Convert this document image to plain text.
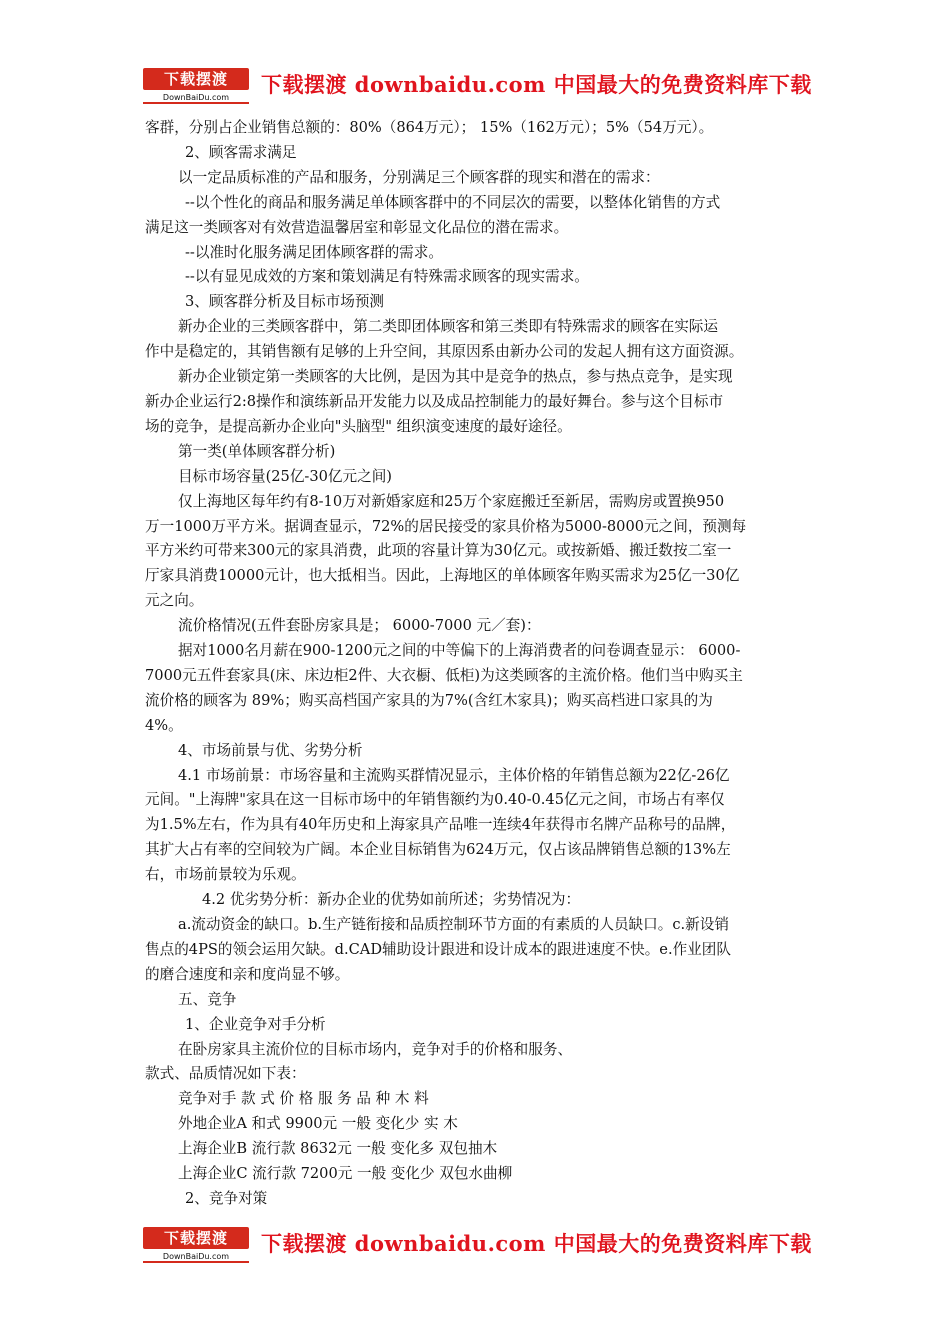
下载摆渡
DownBaiDu.com
下载摆渡 downbaidu.com 中国最大的免费资料库下载

客群，分别占企业销售总额的：80%（864万元）； 15%（162万元）；5%（54万元）。

2、顾客需求满足

以一定品质标准的产品和服务，分别满足三个顾客群的现实和潜在的需求：

--以个性化的商品和服务满足单体顾客群中的不同层次的需要，以整体化销售的方式

满足这一类顾客对有效营造温馨居室和彰显文化品位的潜在需求。

--以准时化服务满足团体顾客群的需求。

--以有显见成效的方案和策划满足有特殊需求顾客的现实需求。

3、顾客群分析及目标市场预测

新办企业的三类顾客群中，第二类即团体顾客和第三类即有特殊需求的顾客在实际运

作中是稳定的，其销售额有足够的上升空间，其原因系由新办公司的发起人拥有这方面资源。

新办企业锁定第一类顾客的大比例，是因为其中是竞争的热点，参与热点竞争，是实现

新办企业运行2:8操作和演练新品开发能力以及成品控制能力的最好舞台。参与这个目标市

场的竞争，是提高新办企业向"头脑型" 组织演变速度的最好途径。

第一类(单体顾客群分析)

目标市场容量(25亿-30亿元之间)

仅上海地区每年约有8-10万对新婚家庭和25万个家庭搬迁至新居，需购房或置换950

万一1000万平方米。据调查显示，72%的居民接受的家具价格为5000-8000元之间，预测每

平方米约可带来300元的家具消费，此项的容量计算为30亿元。或按新婚、搬迁数按二室一

厅家具消费10000元计，也大抵相当。因此，上海地区的单体顾客年购买需求为25亿一30亿

元之向。

流价格情况(五件套卧房家具是； 6000-7000 元／套)：

据对1000名月薪在900-1200元之间的中等偏下的上海消费者的问卷调查显示： 6000-

7000元五件套家具(床、床边柜2件、大衣橱、低柜)为这类顾客的主流价格。他们当中购买主

流价格的顾客为 89%；购买高档国产家具的为7%(含红木家具)；购买高档进口家具的为

4%。

4、市场前景与优、劣势分析

4.1 市场前景：市场容量和主流购买群情况显示，主体价格的年销售总额为22亿-26亿

元间。"上海牌"家具在这一目标市场中的年销售额约为0.40-0.45亿元之间，市场占有率仅

为1.5%左右，作为具有40年历史和上海家具产品唯一连续4年获得市名牌产品称号的品牌，

其扩大占有率的空间较为广阔。本企业目标销售为624万元，仅占该品牌销售总额的13%左

右，市场前景较为乐观。

4.2 优劣势分析：新办企业的优势如前所述；劣势情况为：

a.流动资金的缺口。b.生产链衔接和品质控制环节方面的有素质的人员缺口。c.新设销

售点的4PS的领会运用欠缺。d.CAD辅助设计跟进和设计成本的跟进速度不快。e.作业团队

的磨合速度和亲和度尚显不够。

五、竞争

1、企业竞争对手分析

在卧房家具主流价位的目标市场内，竞争对手的价格和服务、

款式、品质情况如下表：

竞争对手 款 式 价 格 服 务 品 种 木 料

外地企业A 和式 9900元 一般 变化少 实 木

上海企业B 流行款 8632元 一般 变化多 双包抽木

上海企业C 流行款 7200元 一般 变化少 双包水曲柳

2、竞争对策

下载摆渡
DownBaiDu.com
下载摆渡 downbaidu.com 中国最大的免费资料库下载
